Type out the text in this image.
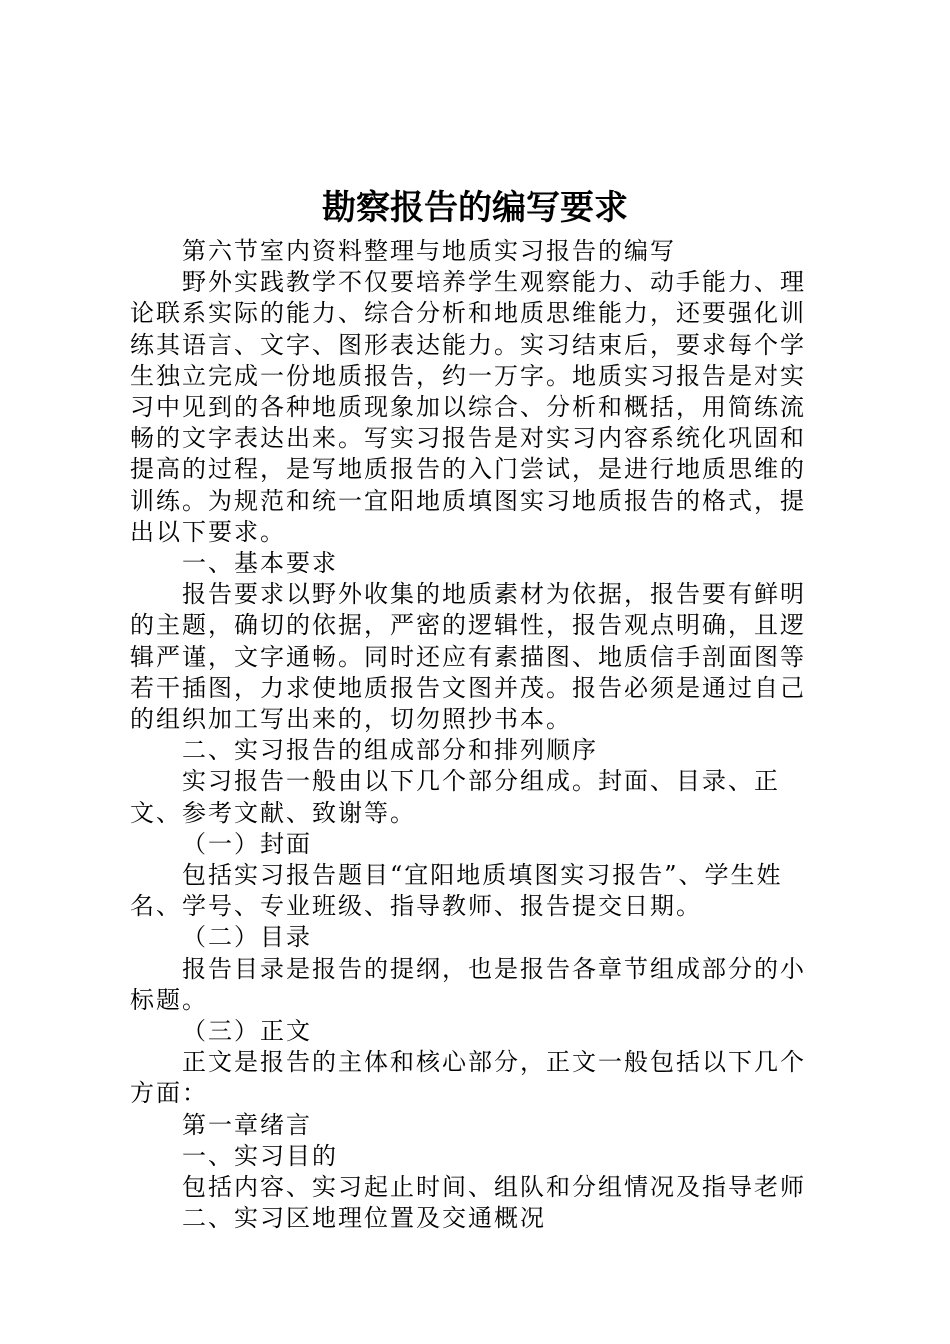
勘察报告的编写要求

第六节室内资料整理与地质实习报告的编写

野外实践教学不仅要培养学生观察能力、动手能力、理论联系实际的能力、综合分析和地质思维能力，还要强化训练其语言、文字、图形表达能力。实习结束后，要求每个学生独立完成一份地质报告，约一万字。地质实习报告是对实习中见到的各种地质现象加以综合、分析和概括，用简练流畅的文字表达出来。写实习报告是对实习内容系统化巩固和提高的过程，是写地质报告的入门尝试，是进行地质思维的训练。为规范和统一宜阳地质填图实习地质报告的格式，提出以下要求。

一、基本要求

报告要求以野外收集的地质素材为依据，报告要有鲜明的主题，确切的依据，严密的逻辑性，报告观点明确，且逻辑严谨，文字通畅。同时还应有素描图、地质信手剖面图等若干插图，力求使地质报告文图并茂。报告必须是通过自己的组织加工写出来的，切勿照抄书本。

二、实习报告的组成部分和排列顺序

实习报告一般由以下几个部分组成。封面、目录、正文、参考文献、致谢等。

（一）封面

包括实习报告题目“宜阳地质填图实习报告”、学生姓名、学号、专业班级、指导教师、报告提交日期。

（二）目录

报告目录是报告的提纲，也是报告各章节组成部分的小标题。

（三）正文

正文是报告的主体和核心部分，正文一般包括以下几个方面：

第一章绪言

一、实习目的

包括内容、实习起止时间、组队和分组情况及指导老师

二、实习区地理位置及交通概况
